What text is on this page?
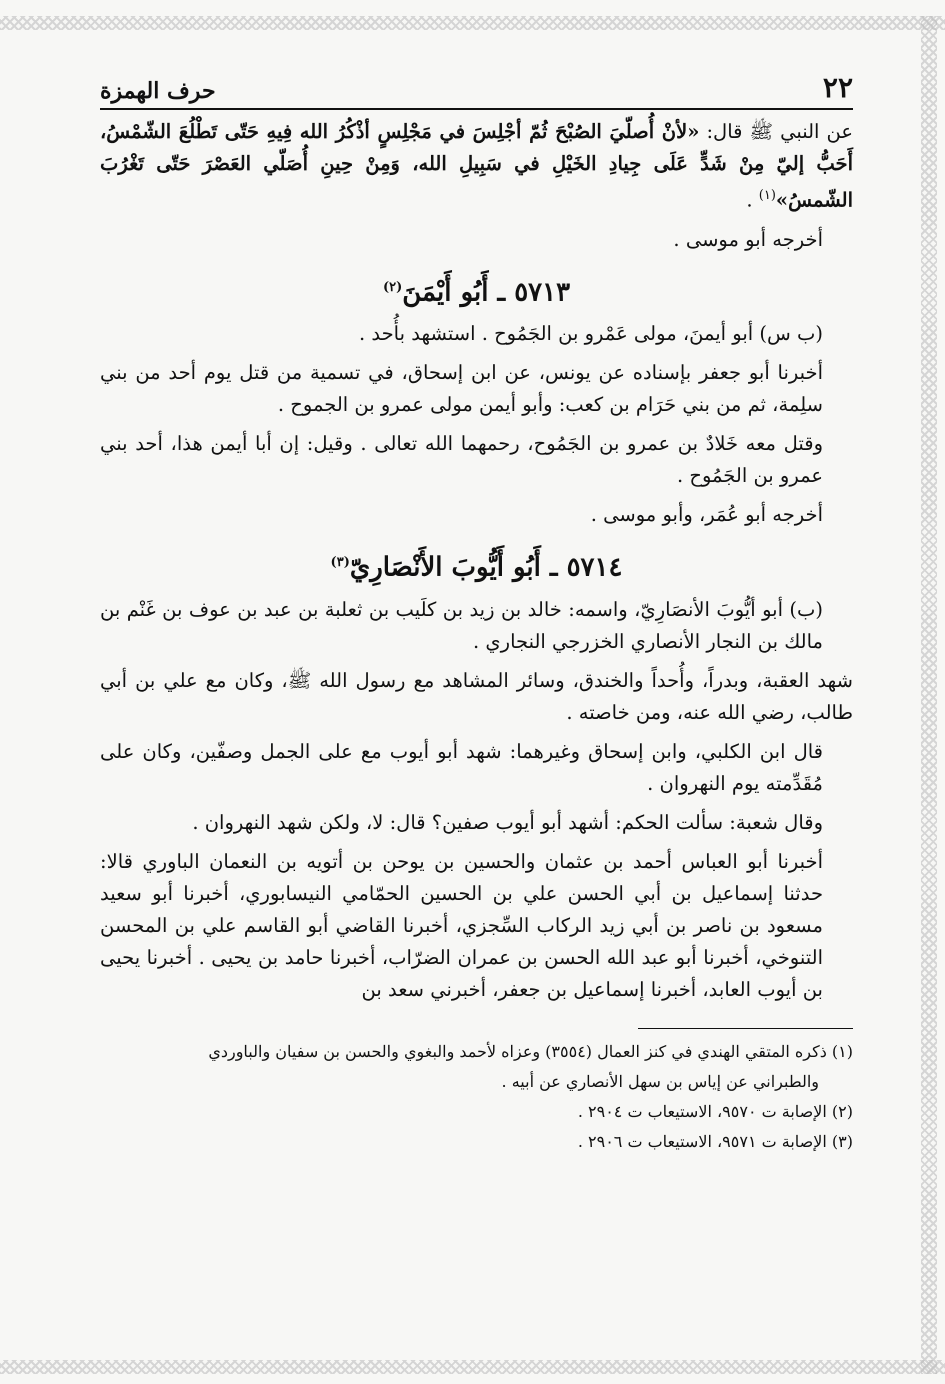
٢٢
حرف الهمزة

عن النبي ﷺ قال: «لأنْ أُصلّيَ الصُبْحَ ثُمّ أجْلِسَ في مَجْلِسٍ أذْكُرُ الله فِيهِ حَتّى تَطْلُعَ الشّمْسُ، أَحَبُّ إليّ مِنْ شَدٍّ عَلَى جِيادِ الخَيْلِ في سَبِيلِ الله، وَمِنْ حِينِ أُصَلّي العَصْرَ حَتّى تَغْرُبَ الشّمسُ»$^{(١)}$ .

أخرجه أبو موسى .

٥٧١٣ ـ أَبُو أَيْمَنَ$^{(٢)}$

(ب س) أبو أيمنَ، مولى عَمْرو بن الجَمُوح . استشهد بأُحد .

أخبرنا أبو جعفر بإسناده عن يونس، عن ابن إسحاق، في تسمية من قتل يوم أحد من بني سلِمة، ثم من بني حَرَام بن كعب: وأبو أيمن مولى عمرو بن الجموح .

وقتل معه خَلادٌ بن عمرو بن الجَمُوح، رحمهما الله تعالى . وقيل: إن أبا أيمن هذا، أحد بني عمرو بن الجَمُوح .

أخرجه أبو عُمَر، وأبو موسى .

٥٧١٤ ـ أَبُو أَيُّوبَ الأَنْصَارِيّ$^{(٣)}$

(ب) أبو أيُّوبَ الأنصَارِيّ، واسمه: خالد بن زيد بن كلَيب بن ثعلبة بن عبد بن عوف بن غَنْم بن مالك بن النجار الأنصاري الخزرجي النجاري .

شهد العقبة، وبدراً، وأُحداً والخندق، وسائر المشاهد مع رسول الله ﷺ، وكان مع علي بن أبي طالب، رضي الله عنه، ومن خاصته .

قال ابن الكلبي، وابن إسحاق وغيرهما: شهد أبو أيوب مع على الجمل وصفّين، وكان على مُقَدِّمته يوم النهروان .

وقال شعبة: سألت الحكم: أشهد أبو أيوب صفين؟ قال: لا، ولكن شهد النهروان .

أخبرنا أبو العباس أحمد بن عثمان والحسين بن يوحن بن أتويه بن النعمان الباوري قالا: حدثنا إسماعيل بن أبي الحسن علي بن الحسين الحمّامي النيسابوري، أخبرنا أبو سعيد مسعود بن ناصر بن أبي زيد الركاب السِّجزي، أخبرنا القاضي أبو القاسم علي بن المحسن التنوخي، أخبرنا أبو عبد الله الحسن بن عمران الضرّاب، أخبرنا حامد بن يحيى . أخبرنا يحيى بن أيوب العابد، أخبرنا إسماعيل بن جعفر، أخبرني سعد بن

(١) ذكره المتقي الهندي في كنز العمال (٣٥٥٤) وعزاه لأحمد والبغوي والحسن بن سفيان والباوردي

والطبراني عن إياس بن سهل الأنصاري عن أبيه .

(٢) الإصابة ت ٩٥٧٠، الاستيعاب ت ٢٩٠٤ .

(٣) الإصابة ت ٩٥٧١، الاستيعاب ت ٢٩٠٦ .
